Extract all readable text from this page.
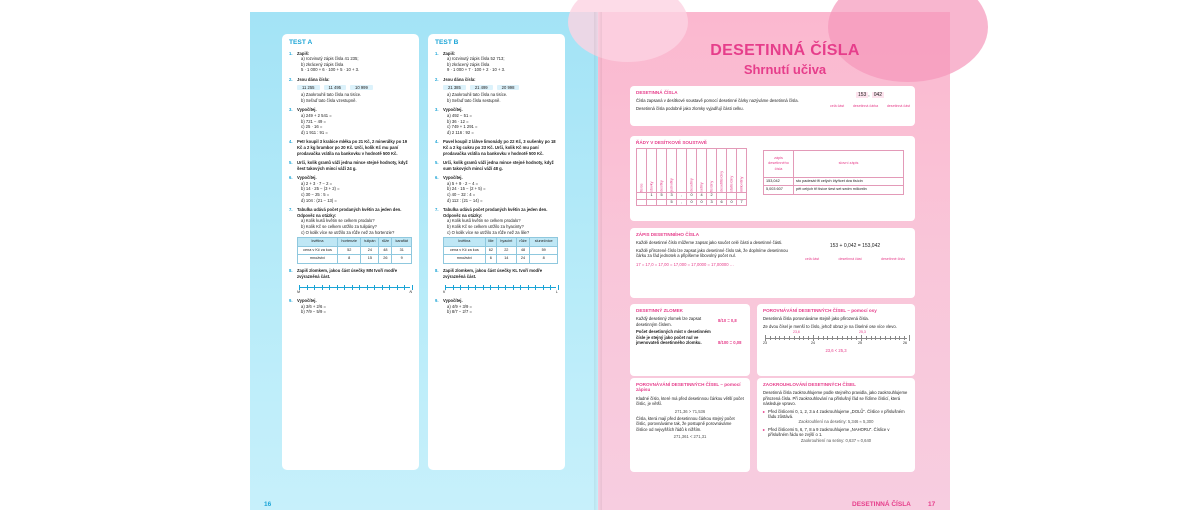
TEST A
1. Zapiš:
a) rozvinutý zápis čísla 41 235;
b) zkrácený zápis čísla
5 · 1 000 + 6 · 100 + 5 · 10 + 3.
2. Jsou dána čísla:
11 255	11 495	10 999
a) Zaokrouhli tato čísla na tisíce.
b) Seřaď tato čísla vzestupně.
3. Vypočítej.
a) 249 + 2 541 =
b) 721 − 49 =
c) 25 · 16 =
d) 1 911 : 91 =
4. Petr koupil 3 krabice mléka po 21 Kč, 2 minerálky po 19 Kč a 2 kg brambor po 20 Kč. Urči, kolik Kč mu paní prodavačka vrátila na bankovku v hodnotě 500 Kč.
5. Urči, kolik gramů váží jedna mince stejné hodnoty, když šest takových mincí váží 24 g.
6. Vypočítej.
a) 2 + 3 · 7 − 2 =
b) 14 · 25 − (3 + 2) =
c) 30 − 25 : 5 =
d) 104 : (21 − 13) =
7. Tabulka udává počet prodaných květin za jeden den. Odpověz na otázky:
a) Kolik kusů květin se celkem prodalo?
b) Kolik Kč se celkem utržilo za tulipány?
c) O kolik více se utržilo za růže než za hortenzie?
květina	hortenzie	tulipán	růže	karafiát
cena v Kč za kus	52	24	48	31
množství	8	15	26	9
8. Zapiš zlomkem, jakou část úsečky MN tvoří modře zvýrazněná část.
M	N
9. Vypočítej.
a) 3/6 + 2/6 =
b) 7/9 − 5/9 =
TEST B
1. Zapiš:
a) rozvinutý zápis čísla 52 713;
b) zkrácený zápis čísla
9 · 1 000 + 7 · 100 + 2 · 10 + 3.
2. Jsou dána čísla:
21 385	21 499	20 998
a) Zaokrouhli tato čísla na tisíce.
b) Seřaď tato čísla sestupně.
3. Vypočítej.
a) 492 − 51 =
b) 36 · 12 =
c) 749 + 1 291 =
d) 2 116 : 92 =
4. Pavel koupil 2 láhve limonády po 22 Kč, 3 sušenky po 18 Kč a 2 kg cukru po 23 Kč. Urči, kolik Kč mu paní prodavačka vrátila na bankovku v hodnotě 500 Kč.
5. Urči, kolik gramů váží jedna mince stejné hodnoty, když sum takových mincí váží 48 g.
6. Vypočítej.
a) 5 + 9 · 2 − 4 =
b) 24 · 15 − (2 + 5) =
c) 40 − 32 : 4 =
d) 112 : (21 − 14) =
7. Tabulka udává počet prodaných květin za jeden den. Odpověz na otázky:
a) Kolik kusů květin se celkem prodalo?
b) Kolik Kč se celkem utržilo za hyacinty?
c) O kolik více se utržilo za růže než za lilie?
květina	lilie	hyacint	růže	slunečnice
cena v Kč za kus	62	22	48	59
množství	6	14	24	8
8. Zapiš zlomkem, jakou část úsečky KL tvoří modře zvýrazněná část.
K	L
9. Vypočítej.
a) 4/9 + 3/9 =
b) 8/7 − 2/7 =
16
DESETINNÁ ČÍSLA
Shrnutí učiva
DESETINNÁ ČÍSLA
Čísla zapsaná v desítkové soustavě pomocí desetinné čárky nazýváme desetinná čísla.
Desetinná čísla podobně jako zlomky vyjadřují části celku.
153 , 042
celá část desetinná čárka desetinná část
ŘÁDY V DESÍTKOVÉ SOUSTAVĚ
tisíce	stovky	desítky	jednotky		desetiny	setiny	tisíciny	desetitisíciny	statisíciny	miliontiny
	1	5	3	,	0	4	2			
			5	,	0	0	3	6	0	7
zápis desetinného čísla	slovní zápis
153,042	sto padesát tři celých čtyřicet dva tisícin
5,003 607	pět celých tři tisíce šest set sedm miliontin
ZÁPIS DESETINNÉHO ČÍSLA
Každé desetinné číslo můžeme zapsat jako součet celé části a desetinné části.
Každé přirozené číslo lze zapsat jako desetinné číslo tak, že doplníme desetinnou čárku za řád jednotek a připíšeme libovolný počet nul.
17 = 17,0 = 17,00 = 17,000 = 17,0000 = 17,00000 …
153 + 0,042 = 153,042
celá část	desetinná část	desetinné číslo
DESETINNÝ ZLOMEK
Každý desetinný zlomek lze zapsat desetinným číslem.
Počet desetinných míst v desetinném čísle je stejný jako počet nul ve jmenovateli desetinného zlomku.
8/10 = 0,8
8/100 = 0,08
POROVNÁVÁNÍ DESETINNÝCH ČÍSEL – pomocí osy
Desetinná čísla porovnáváme stejně jako přirozená čísla.
Ze dvou čísel je menší to číslo, jehož obraz je na číselné ose více vlevo.
23,6	25,3
23	24	25	26
23,6 < 25,3
POROVNÁVÁNÍ DESETINNÝCH ČÍSEL – pomocí zápisu
Kladné číslo, které má před desetinnou čárkou větší počet číslic, je větší.
271,36 > 71,536
Čísla, která mají před desetinnou čárkou stejný počet číslic, porovnáváme tak, že postupně porovnáváme číslice od nejvyšších řádů k nižším.
271,361 < 271,31
ZAOKROUHLOVÁNÍ DESETINNÝCH ČÍSEL
Desetinná čísla zaokrouhlujeme podle stejného pravidla, jako zaokrouhlujeme přirozená čísla. Při zaokrouhlování na příslušný řád se řídíme číslicí, která následuje vpravo.
▸ Před číslicemi 0, 1, 2, 3 a 4 zaokrouhlujeme „DOLŮ“. Číslice v příslušném řádu zůstává.
Zaokrouhlení na desetiny: 5,346 ≈ 5,300
▸ Před číslicemi 5, 6, 7, 8 a 9 zaokrouhlujeme „NAHORU“. Číslice v příslušném řádu se zvýší o 1.
Zaokrouhlení na setiny: 0,637 ≈ 0,640
DESETINNÁ ČÍSLA	17
